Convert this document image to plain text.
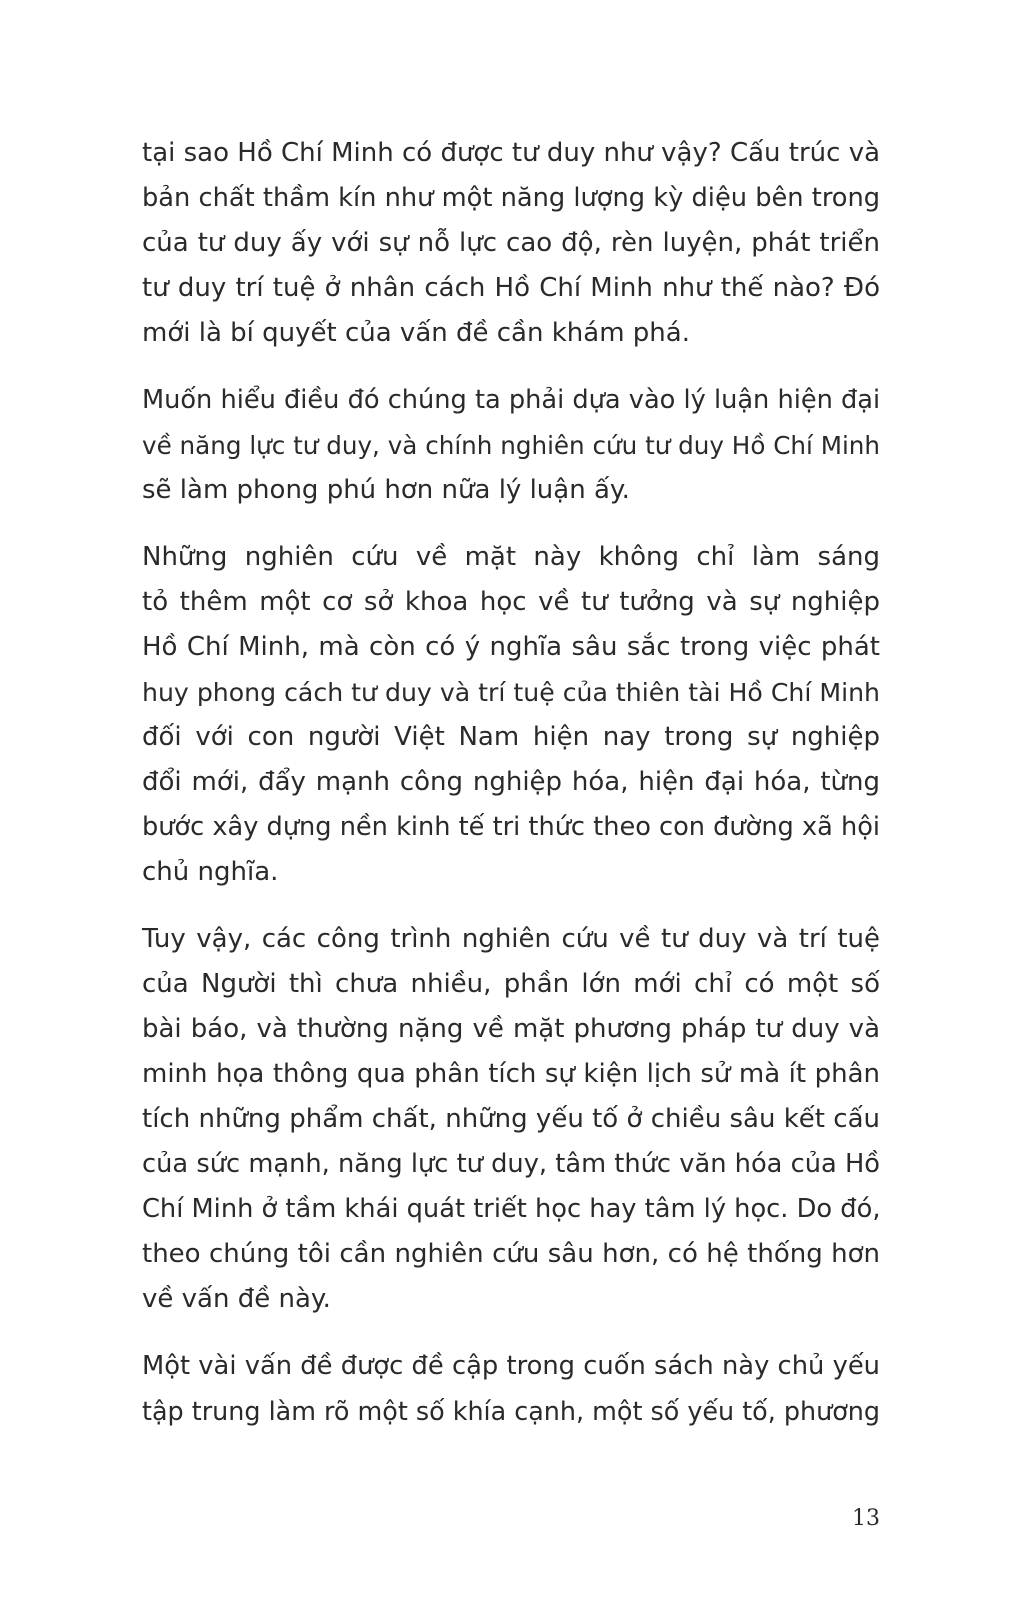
tại sao Hồ Chí Minh có được tư duy như vậy? Cấu trúc và
bản chất thầm kín như một năng lượng kỳ diệu bên trong
của tư duy ấy với sự nỗ lực cao độ, rèn luyện, phát triển
tư duy trí tuệ ở nhân cách Hồ Chí Minh như thế nào? Đó
mới là bí quyết của vấn đề cần khám phá.

Muốn hiểu điều đó chúng ta phải dựa vào lý luận hiện đại
về năng lực tư duy, và chính nghiên cứu tư duy Hồ Chí Minh
sẽ làm phong phú hơn nữa lý luận ấy.

Những nghiên cứu về mặt này không chỉ làm sáng
tỏ thêm một cơ sở khoa học về tư tưởng và sự nghiệp
Hồ Chí Minh, mà còn có ý nghĩa sâu sắc trong việc phát
huy phong cách tư duy và trí tuệ của thiên tài Hồ Chí Minh
đối với con người Việt Nam hiện nay trong sự nghiệp
đổi mới, đẩy mạnh công nghiệp hóa, hiện đại hóa, từng
bước xây dựng nền kinh tế tri thức theo con đường xã hội
chủ nghĩa.

Tuy vậy, các công trình nghiên cứu về tư duy và trí tuệ
của Người thì chưa nhiều, phần lớn mới chỉ có một số
bài báo, và thường nặng về mặt phương pháp tư duy và
minh họa thông qua phân tích sự kiện lịch sử mà ít phân
tích những phẩm chất, những yếu tố ở chiều sâu kết cấu
của sức mạnh, năng lực tư duy, tâm thức văn hóa của Hồ
Chí Minh ở tầm khái quát triết học hay tâm lý học. Do đó,
theo chúng tôi cần nghiên cứu sâu hơn, có hệ thống hơn
về vấn đề này.

Một vài vấn đề được đề cập trong cuốn sách này chủ yếu
tập trung làm rõ một số khía cạnh, một số yếu tố, phương

13
